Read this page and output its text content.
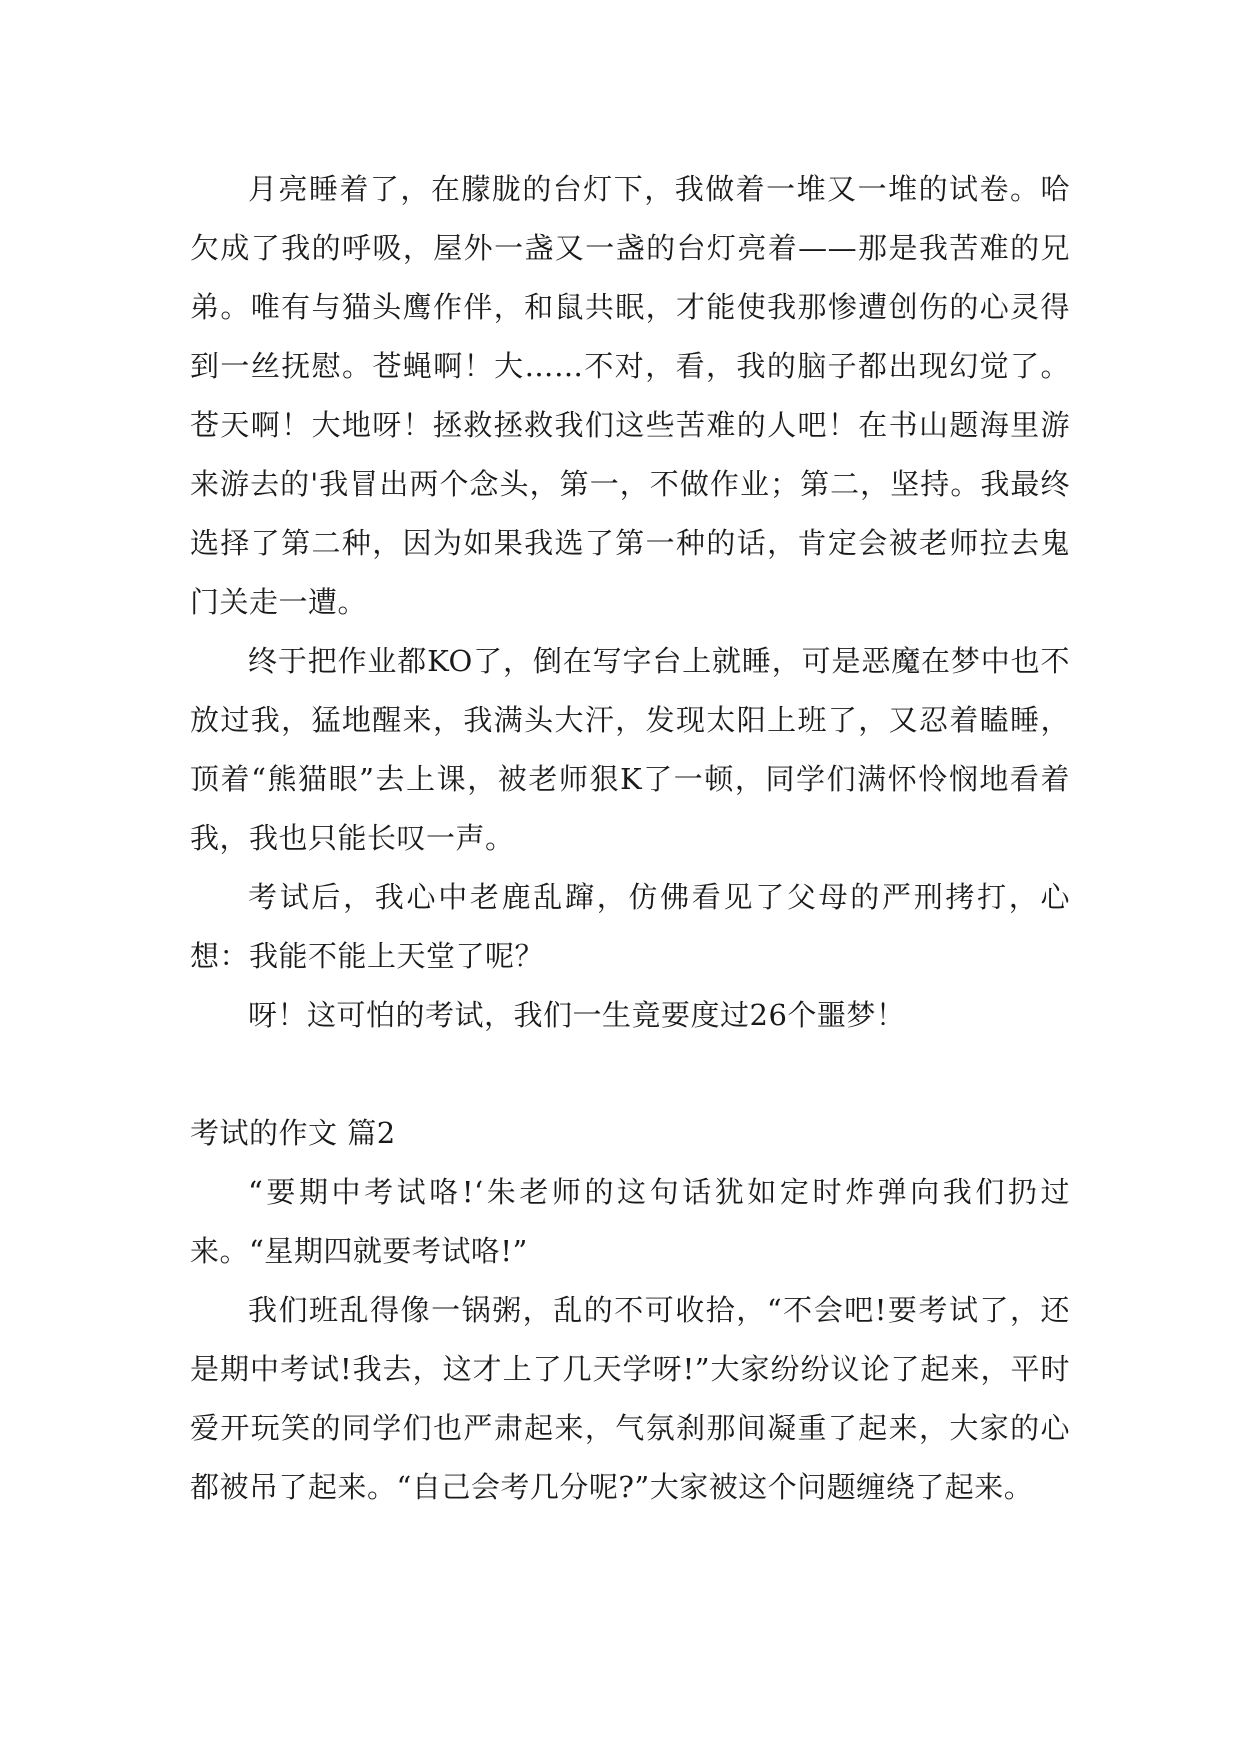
月亮睡着了，在朦胧的台灯下，我做着一堆又一堆的试卷。哈欠成了我的呼吸，屋外一盏又一盏的台灯亮着——那是我苦难的兄弟。唯有与猫头鹰作伴，和鼠共眠，才能使我那惨遭创伤的心灵得到一丝抚慰。苍蝇啊！大……不对，看，我的脑子都出现幻觉了。苍天啊！大地呀！拯救拯救我们这些苦难的人吧！在书山题海里游来游去的'我冒出两个念头，第一，不做作业；第二，坚持。我最终选择了第二种，因为如果我选了第一种的话，肯定会被老师拉去鬼门关走一遭。

终于把作业都KO了，倒在写字台上就睡，可是恶魔在梦中也不放过我，猛地醒来，我满头大汗，发现太阳上班了，又忍着瞌睡，顶着“熊猫眼”去上课，被老师狠K了一顿，同学们满怀怜悯地看着我，我也只能长叹一声。

考试后，我心中老鹿乱蹿，仿佛看见了父母的严刑拷打，心想：我能不能上天堂了呢？

呀！这可怕的考试，我们一生竟要度过26个噩梦！

考试的作文 篇2

“要期中考试咯!‘朱老师的这句话犹如定时炸弹向我们扔过来。“星期四就要考试咯!”

我们班乱得像一锅粥，乱的不可收拾，“不会吧!要考试了，还是期中考试!我去，这才上了几天学呀!”大家纷纷议论了起来，平时爱开玩笑的同学们也严肃起来，气氛刹那间凝重了起来，大家的心都被吊了起来。“自己会考几分呢?”大家被这个问题缠绕了起来。
